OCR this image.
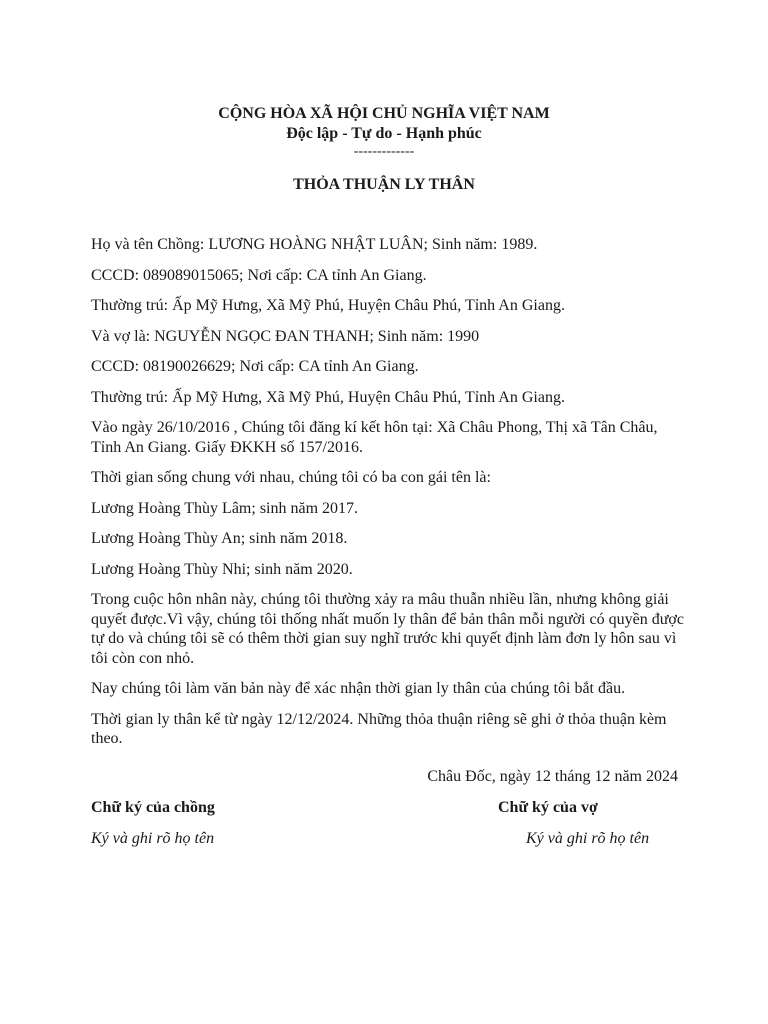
CỘNG HÒA XÃ HỘI CHỦ NGHĨA VIỆT NAM
Độc lập - Tự do - Hạnh phúc
-------------
THỎA THUẬN LY THÂN

Họ và tên Chồng: LƯƠNG HOÀNG NHẬT LUÂN; Sinh năm: 1989.

CCCD: 089089015065; Nơi cấp: CA tỉnh An Giang.

Thường trú: Ấp Mỹ Hưng, Xã Mỹ Phú, Huyện Châu Phú, Tỉnh An Giang.

Và vợ là: NGUYỄN NGỌC ĐAN THANH; Sinh năm: 1990

CCCD: 08190026629; Nơi cấp: CA tỉnh An Giang.

Thường trú: Ấp Mỹ Hưng, Xã Mỹ Phú, Huyện Châu Phú, Tỉnh An Giang.

Vào ngày 26/10/2016 , Chúng tôi đăng kí kết hôn tại: Xã Châu Phong, Thị xã Tân Châu, Tỉnh An Giang. Giấy ĐKKH số 157/2016.

Thời gian sống chung với nhau, chúng tôi có ba con gái tên là:

Lương Hoàng Thùy Lâm; sinh năm 2017.

Lương Hoàng Thùy An; sinh năm 2018.

Lương Hoàng Thùy Nhi; sinh năm 2020.

Trong cuộc hôn nhân này, chúng tôi thường xảy ra mâu thuẫn nhiều lần, nhưng không giải quyết được.Vì vậy, chúng tôi thống nhất muốn ly thân để bản thân mỗi người có quyền được tự do và chúng tôi sẽ có thêm thời gian suy nghĩ trước khi quyết định làm đơn ly hôn sau vì tôi còn con nhỏ.

Nay chúng tôi làm văn bản này để xác nhận thời gian ly thân của chúng tôi bắt đầu.

Thời gian ly thân kể từ ngày 12/12/2024. Những thỏa thuận riêng sẽ ghi ở thỏa thuận kèm theo.

Châu Đốc, ngày 12 tháng 12 năm 2024
Chữ ký của chồng	Chữ ký của vợ
Ký và ghi rõ họ tên	Ký và ghi rõ họ tên
